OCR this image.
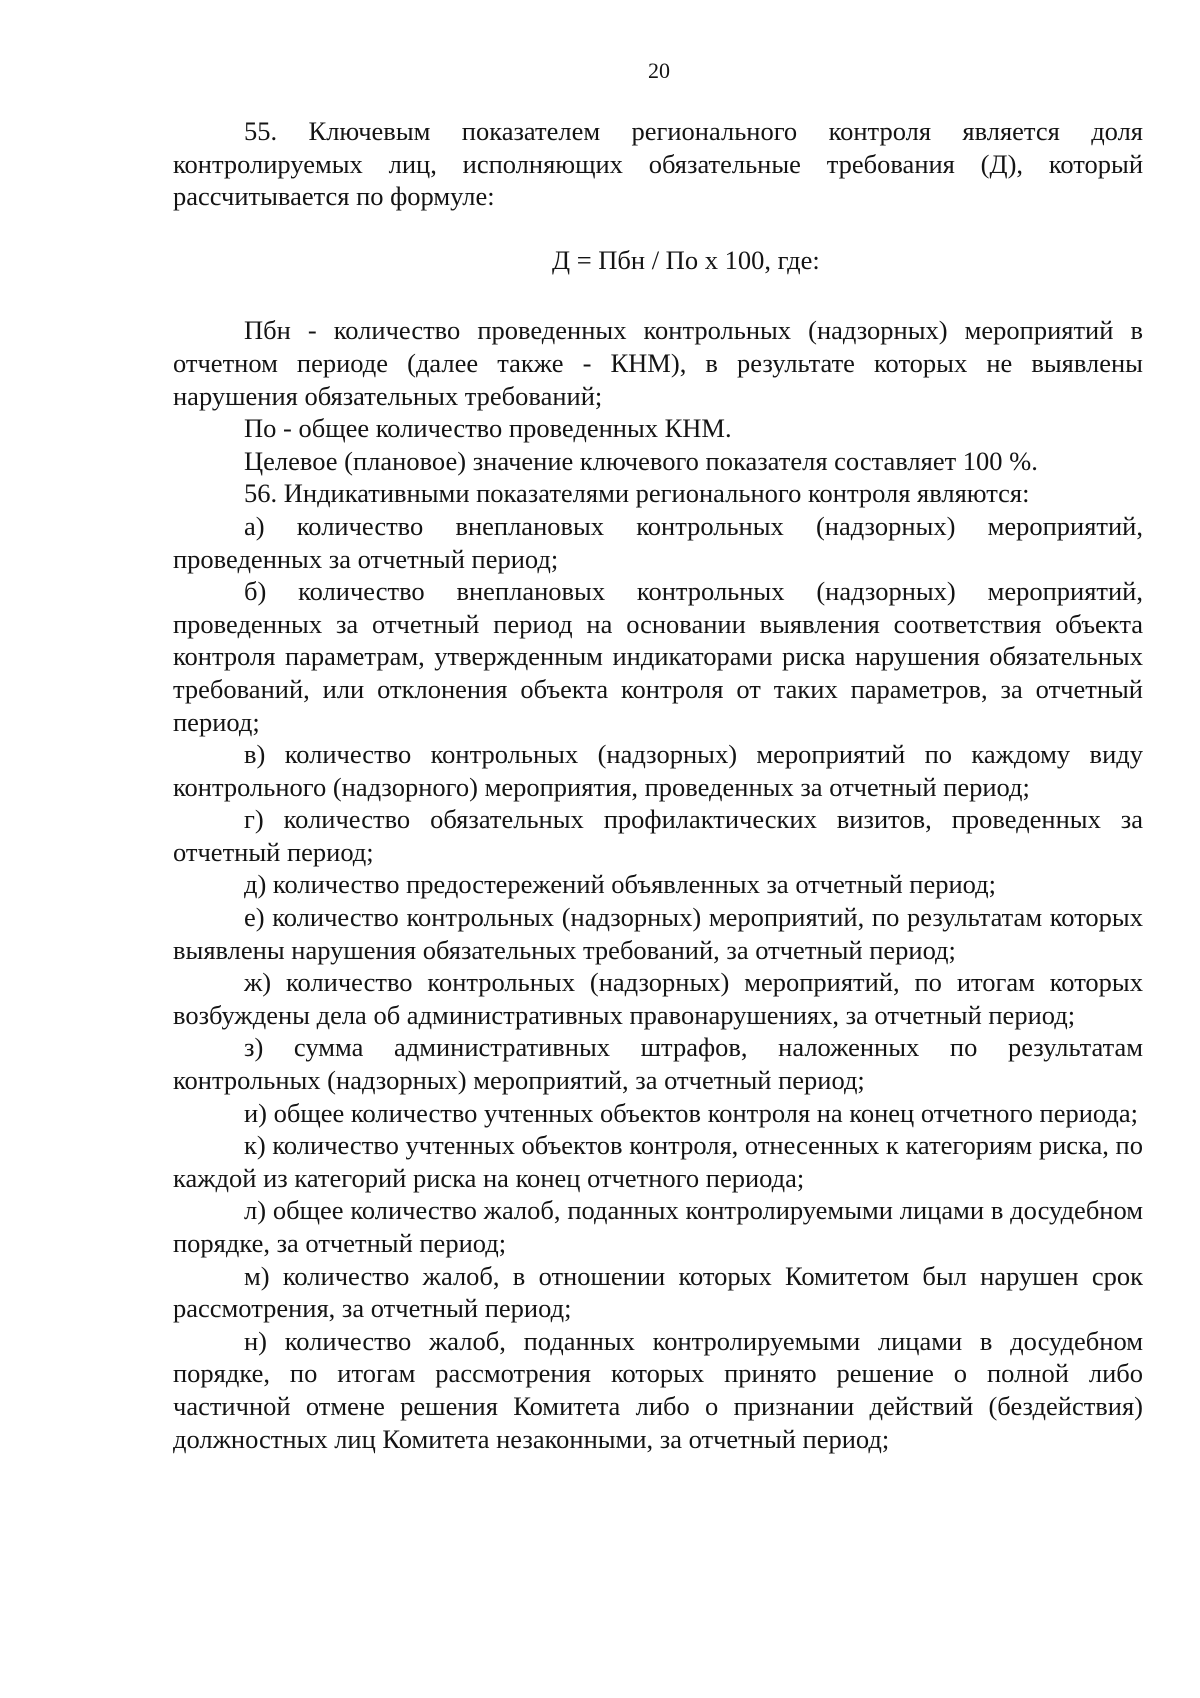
20

55. Ключевым показателем регионального контроля является доля контролируемых лиц, исполняющих обязательные требования (Д), который рассчитывается по формуле:

Д = Пбн / По х 100, где:

Пбн - количество проведенных контрольных (надзорных) мероприятий в отчетном периоде (далее также - КНМ), в результате которых не выявлены нарушения обязательных требований;

По - общее количество проведенных КНМ.

Целевое (плановое) значение ключевого показателя составляет 100 %.

56. Индикативными показателями регионального контроля являются:

а) количество внеплановых контрольных (надзорных) мероприятий, проведенных за отчетный период;

б) количество внеплановых контрольных (надзорных) мероприятий, проведенных за отчетный период на основании выявления соответствия объекта контроля параметрам, утвержденным индикаторами риска нарушения обязательных требований, или отклонения объекта контроля от таких параметров, за отчетный период;

в) количество контрольных (надзорных) мероприятий по каждому виду контрольного (надзорного) мероприятия, проведенных за отчетный период;

г) количество обязательных профилактических визитов, проведенных за отчетный период;

д) количество предостережений объявленных за отчетный период;

е) количество контрольных (надзорных) мероприятий, по результатам которых выявлены нарушения обязательных требований, за отчетный период;

ж) количество контрольных (надзорных) мероприятий, по итогам которых возбуждены дела об административных правонарушениях, за отчетный период;

з) сумма административных штрафов, наложенных по результатам контрольных (надзорных) мероприятий, за отчетный период;

и) общее количество учтенных объектов контроля на конец отчетного периода;

к) количество учтенных объектов контроля, отнесенных к категориям риска, по каждой из категорий риска на конец отчетного периода;

л) общее количество жалоб, поданных контролируемыми лицами в досудебном порядке, за отчетный период;

м) количество жалоб, в отношении которых Комитетом был нарушен срок рассмотрения, за отчетный период;

н) количество жалоб, поданных контролируемыми лицами в досудебном порядке, по итогам рассмотрения которых принято решение о полной либо частичной отмене решения Комитета либо о признании действий (бездействия) должностных лиц Комитета незаконными, за отчетный период;
